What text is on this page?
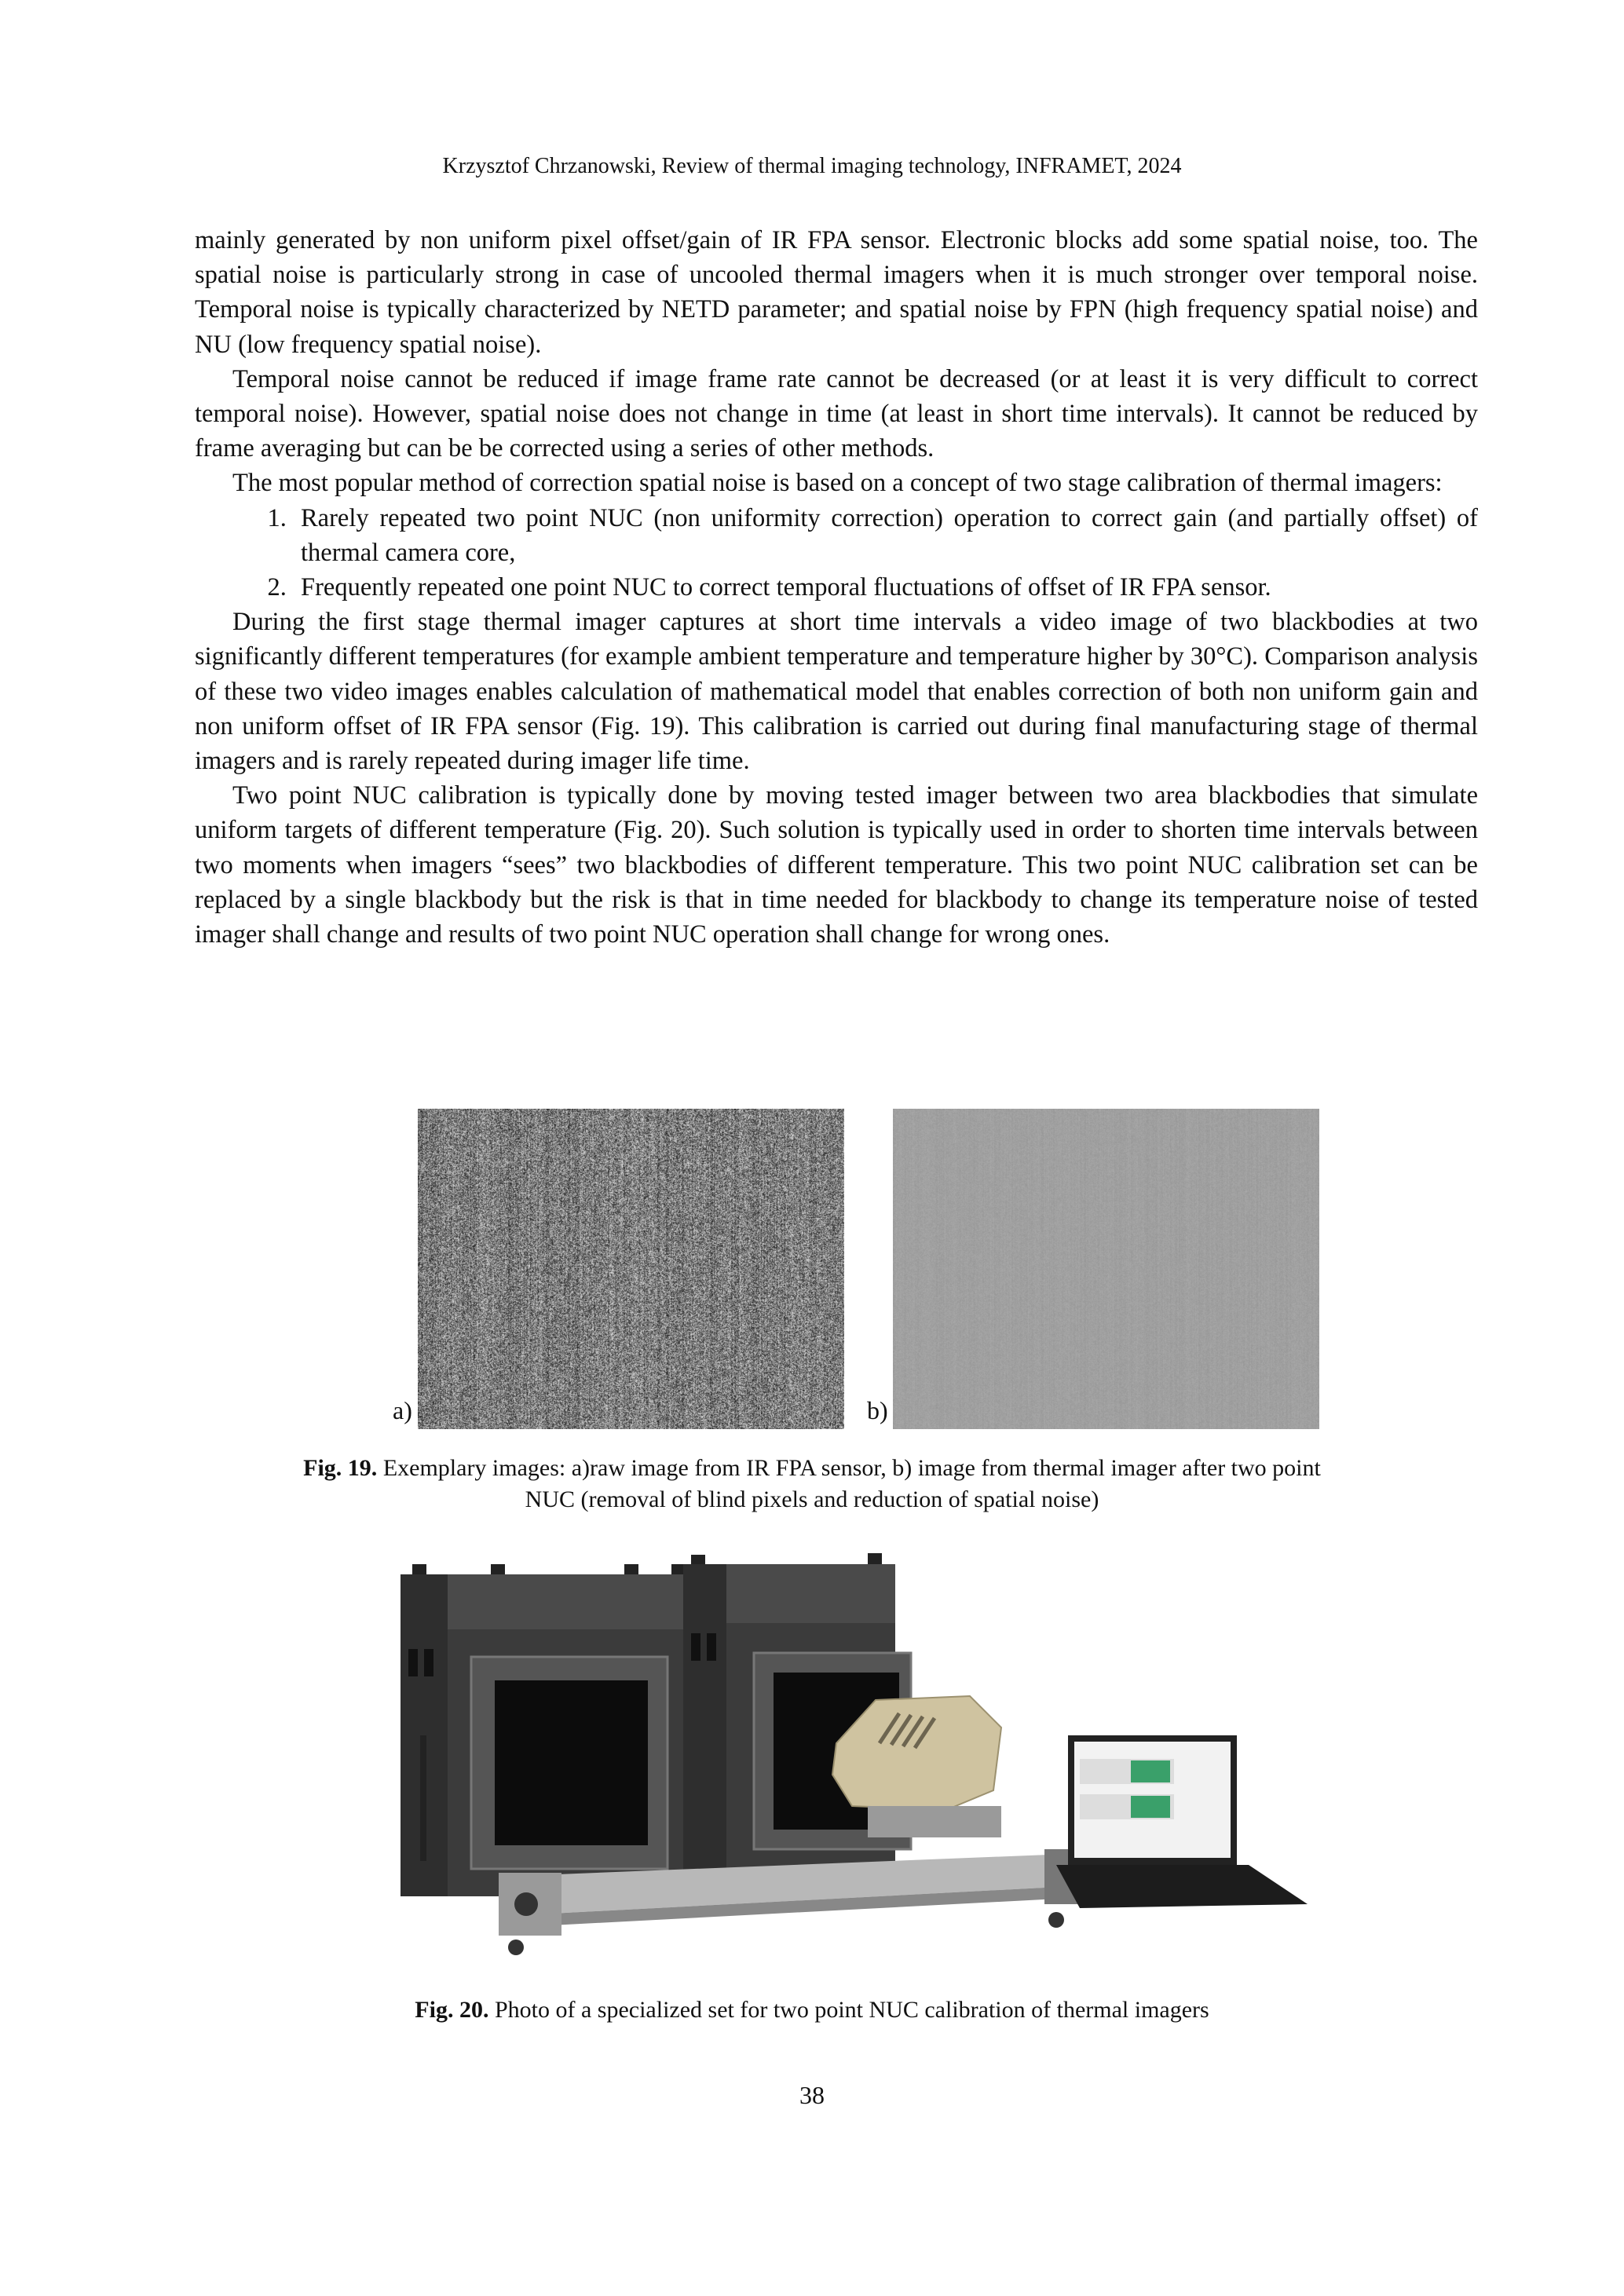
Krzysztof Chrzanowski, Review of thermal imaging technology, INFRAMET, 2024

mainly generated by non uniform pixel offset/gain of IR FPA sensor. Electronic blocks add some spatial noise, too. The spatial noise is particularly strong in case of uncooled thermal imagers when it is much stronger over temporal noise. Temporal noise is typically characterized by NETD parameter; and spatial noise by FPN (high frequency spatial noise) and NU (low frequency spatial noise).

Temporal noise cannot be reduced if image frame rate cannot be decreased (or at least it is very difficult to correct temporal noise). However, spatial noise does not change in time (at least in short time intervals). It cannot be reduced by frame averaging but can be be corrected using a series of other methods.

The most popular method of correction spatial noise is based on a concept of two stage calibration of thermal imagers:

1. Rarely repeated two point NUC (non uniformity correction) operation to correct gain (and partially offset) of thermal camera core,
2. Frequently repeated one point NUC to correct temporal fluctuations of offset of IR FPA sensor.

During the first stage thermal imager captures at short time intervals a video image of two blackbodies at two significantly different temperatures (for example ambient temperature and temperature higher by 30°C). Comparison analysis of these two video images enables calculation of mathematical model that enables correction of both non uniform gain and non uniform offset of IR FPA sensor (Fig. 19). This calibration is carried out during final manufacturing stage of thermal imagers and is rarely repeated during imager life time.

Two point NUC calibration is typically done by moving tested imager between two area blackbodies that simulate uniform targets of different temperature (Fig. 20). Such solution is typically used in order to shorten time intervals between two moments when imagers “sees” two blackbodies of different temperature. This two point NUC calibration set can be replaced by a single blackbody but the risk is that in time needed for blackbody to change its temperature noise of tested imager shall change and results of two point NUC operation shall change for wrong ones.

a)	b)
Fig. 19. Exemplary images: a)raw image from IR FPA sensor, b) image from thermal imager after two point
NUC (removal of blind pixels and reduction of spatial noise)
Fig. 20. Photo of a specialized set for two point NUC calibration of thermal imagers
38
